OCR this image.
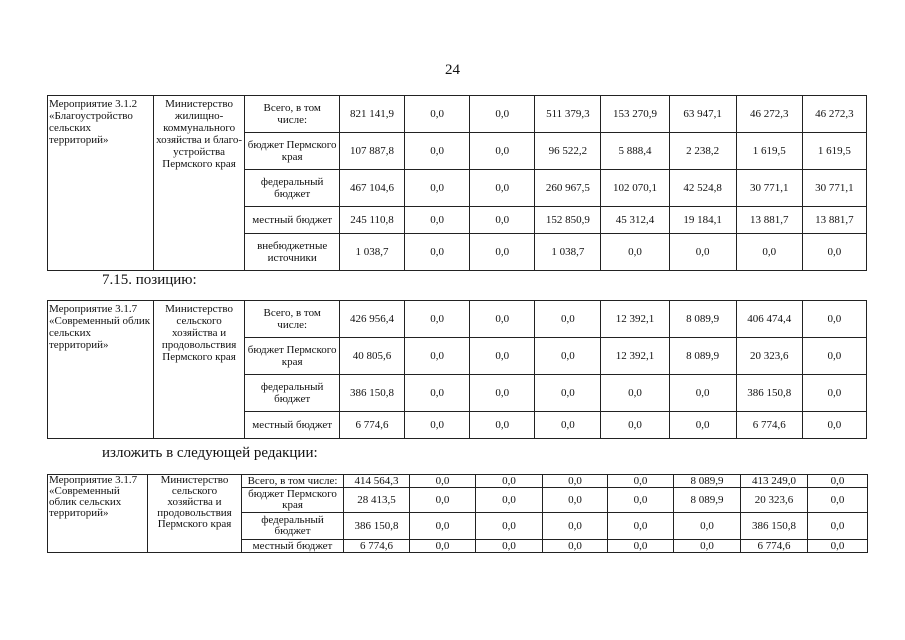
24
Мероприятие 3.1.2 «Благоустройство сельских территорий»	Министерство жилищно-коммунального хозяйства и благо-устройства Пермского края	Всего, в том числе:	821 141,9	0,0	0,0	511 379,3	153 270,9	63 947,1	46 272,3	46 272,3
		бюджет Пермского края	107 887,8	0,0	0,0	96 522,2	5 888,4	2 238,2	1 619,5	1 619,5
		федеральный бюджет	467 104,6	0,0	0,0	260 967,5	102 070,1	42 524,8	30 771,1	30 771,1
		местный бюджет	245 110,8	0,0	0,0	152 850,9	45 312,4	19 184,1	13 881,7	13 881,7
		внебюджетные источники	1 038,7	0,0	0,0	1 038,7	0,0	0,0	0,0	0,0
7.15. позицию:
Мероприятие 3.1.7 «Современный облик сельских территорий»	Министерство сельского хозяйства и продовольствия Пермского края	Всего, в том числе:	426 956,4	0,0	0,0	0,0	12 392,1	8 089,9	406 474,4	0,0
		бюджет Пермского края	40 805,6	0,0	0,0	0,0	12 392,1	8 089,9	20 323,6	0,0
		федеральный бюджет	386 150,8	0,0	0,0	0,0	0,0	0,0	386 150,8	0,0
		местный бюджет	6 774,6	0,0	0,0	0,0	0,0	0,0	6 774,6	0,0
изложить в следующей редакции:
Мероприятие 3.1.7 «Современный облик сельских территорий»	Министерство сельского хозяйства и продовольствия Пермского края	Всего, в том числе:	414 564,3	0,0	0,0	0,0	0,0	8 089,9	413 249,0	0,0
		бюджет Пермского края	28 413,5	0,0	0,0	0,0	0,0	8 089,9	20 323,6	0,0
		федеральный бюджет	386 150,8	0,0	0,0	0,0	0,0	0,0	386 150,8	0,0
		местный бюджет	6 774,6	0,0	0,0	0,0	0,0	0,0	6 774,6	0,0
